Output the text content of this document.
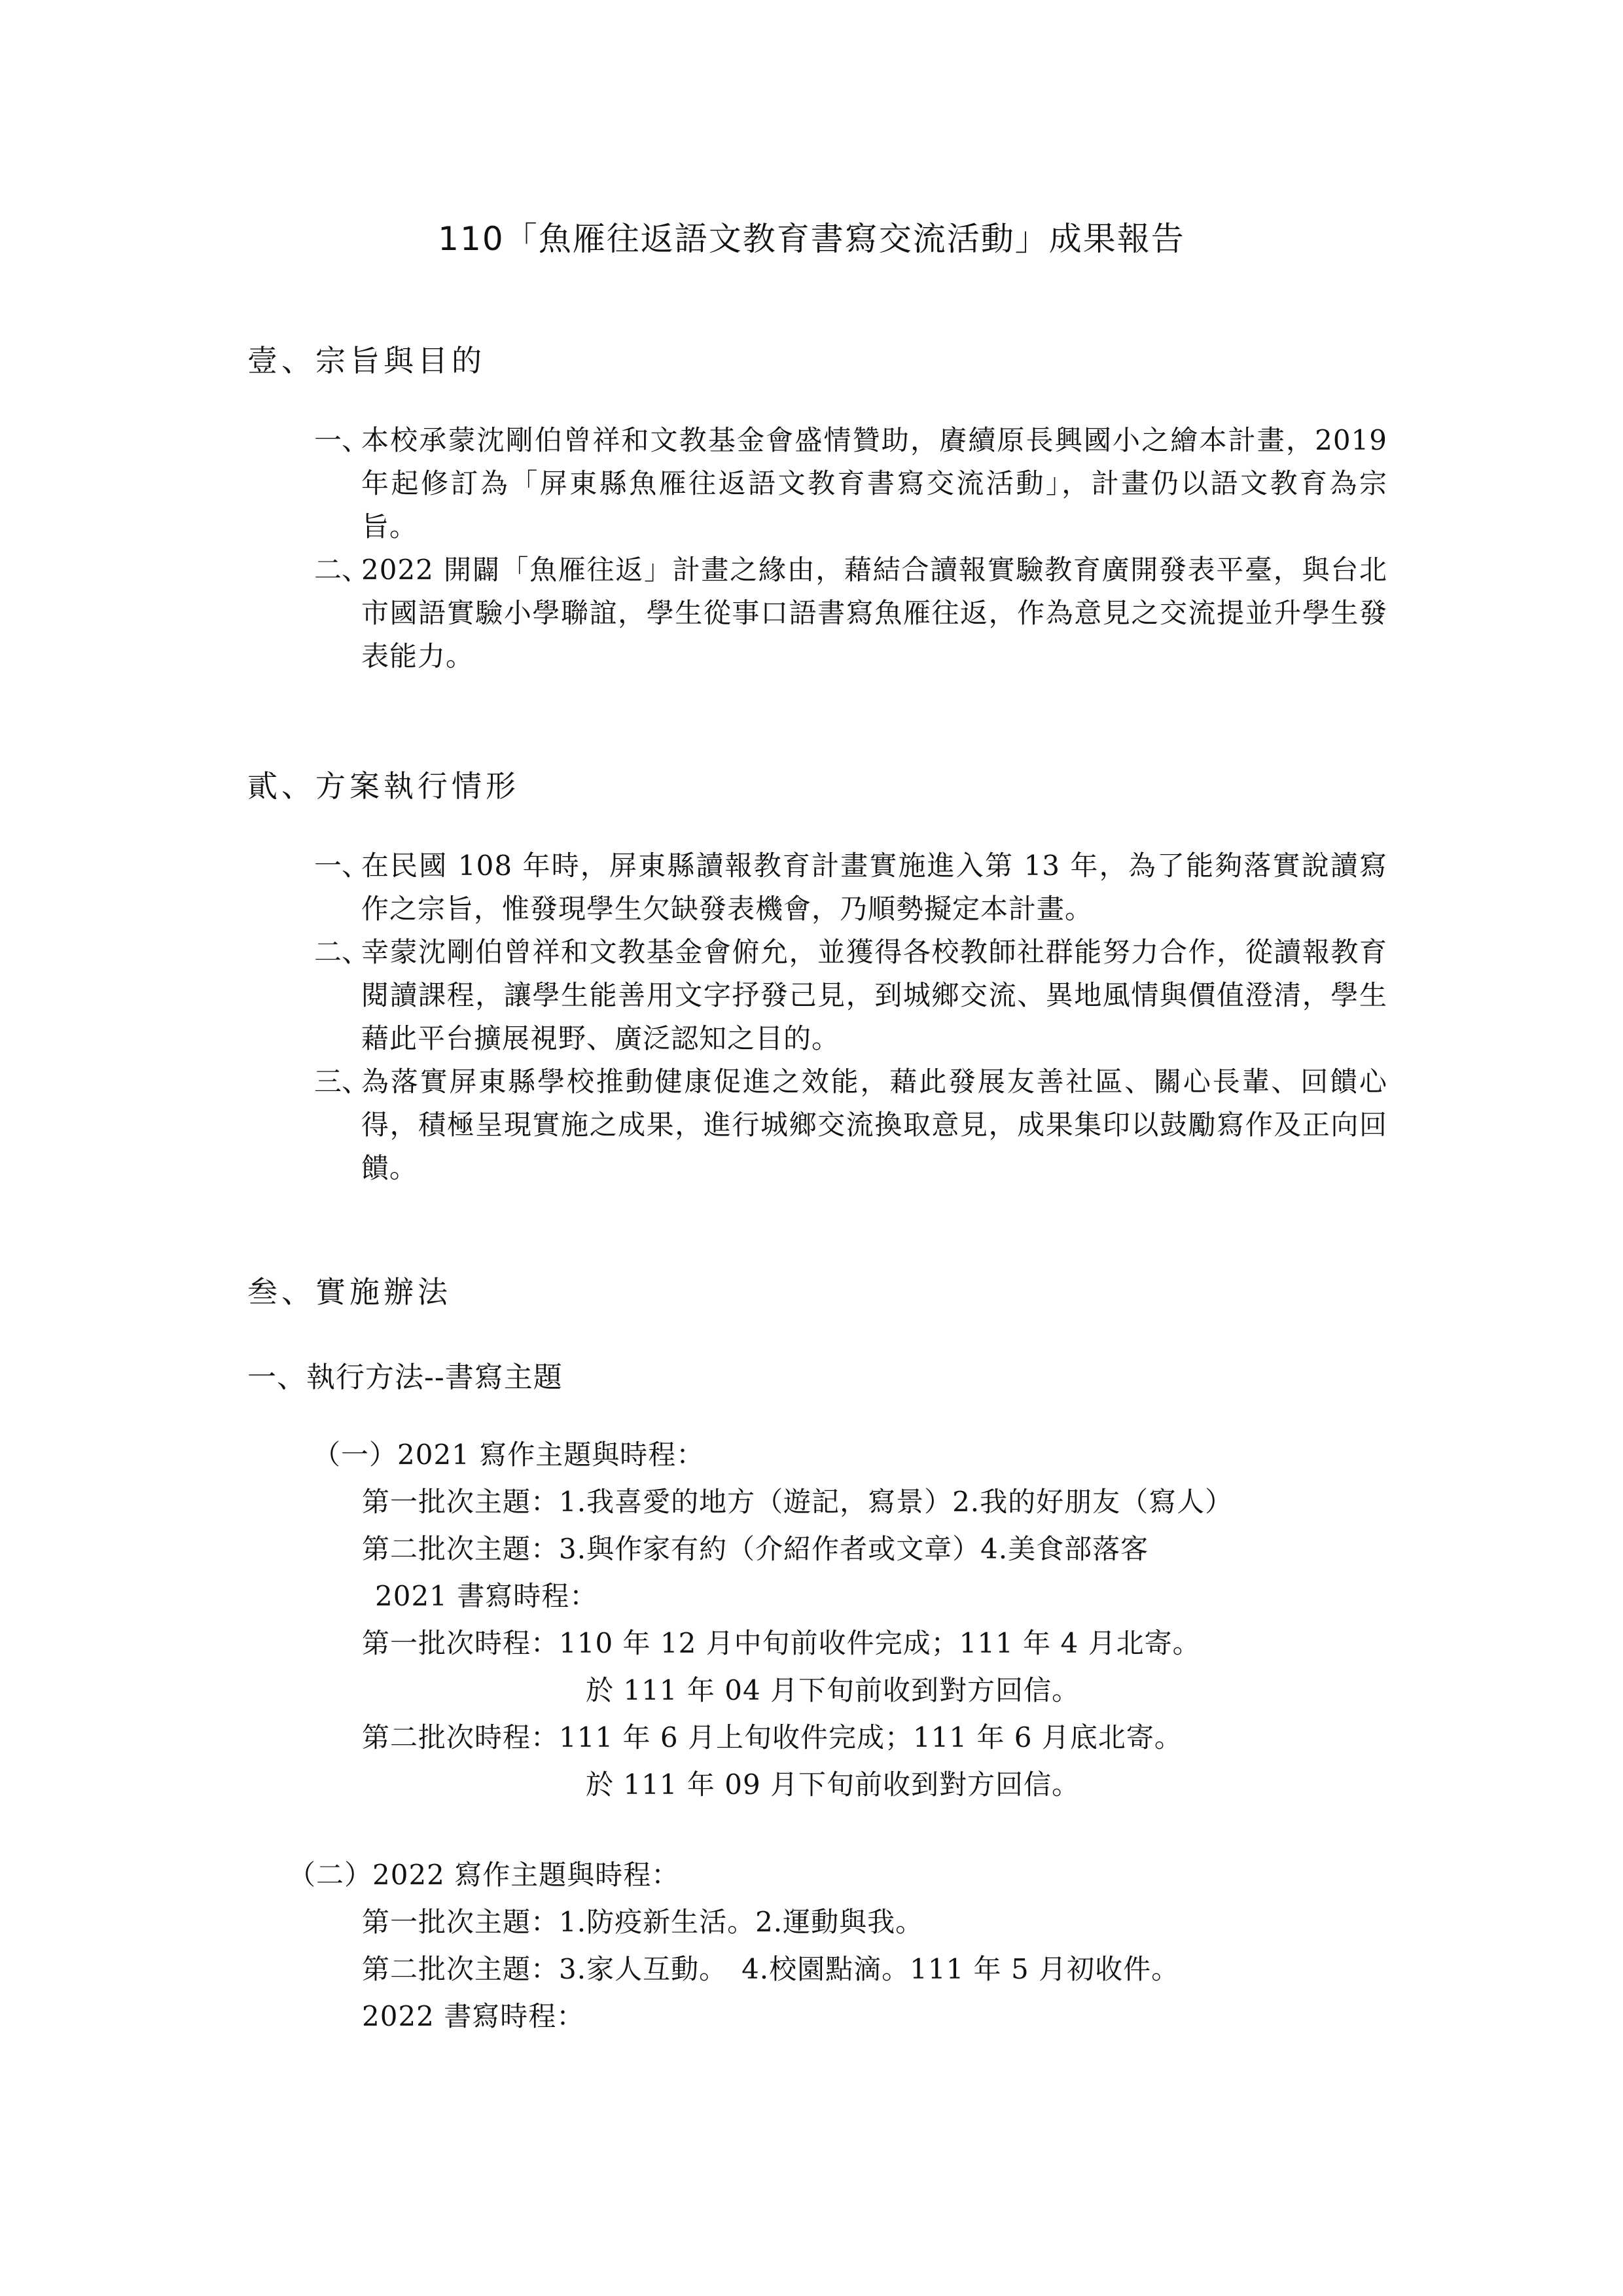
110「魚雁往返語文教育書寫交流活動」成果報告
壹、宗旨與目的
一、
本校承蒙沈剛伯曾祥和文教基金會盛情贊助，賡續原長興國小之繪本計畫，2019 年起修訂為「屏東縣魚雁往返語文教育書寫交流活動」，計畫仍以語文教育為宗旨。
二、
2022 開闢「魚雁往返」計畫之緣由，藉結合讀報實驗教育廣開發表平臺，與台北市國語實驗小學聯誼，學生從事口語書寫魚雁往返，作為意見之交流提並升學生發表能力。
貳、方案執行情形
一、
在民國 108 年時，屏東縣讀報教育計畫實施進入第 13 年，為了能夠落實說讀寫作之宗旨，惟發現學生欠缺發表機會，乃順勢擬定本計畫。
二、
幸蒙沈剛伯曾祥和文教基金會俯允，並獲得各校教師社群能努力合作，從讀報教育閱讀課程，讓學生能善用文字抒發己見，到城鄉交流、異地風情與價值澄清，學生藉此平台擴展視野、廣泛認知之目的。
三、
為落實屏東縣學校推動健康促進之效能，藉此發展友善社區、關心長輩、回饋心得，積極呈現實施之成果，進行城鄉交流換取意見，成果集印以鼓勵寫作及正向回饋。
叁、實施辦法
一、執行方法--書寫主題
（一）2021 寫作主題與時程：
第一批次主題：1.我喜愛的地方（遊記，寫景）2.我的好朋友（寫人）
第二批次主題：3.與作家有約（介紹作者或文章）4.美食部落客
2021 書寫時程：
第一批次時程：110 年 12 月中旬前收件完成；111 年 4 月北寄。
於 111 年 04 月下旬前收到對方回信。
第二批次時程：111 年 6 月上旬收件完成；111 年 6 月底北寄。
於 111 年 09 月下旬前收到對方回信。
（二）2022 寫作主題與時程：
第一批次主題：1.防疫新生活。2.運動與我。
第二批次主題：3.家人互動。　4.校園點滴。111 年 5 月初收件。
2022 書寫時程：
